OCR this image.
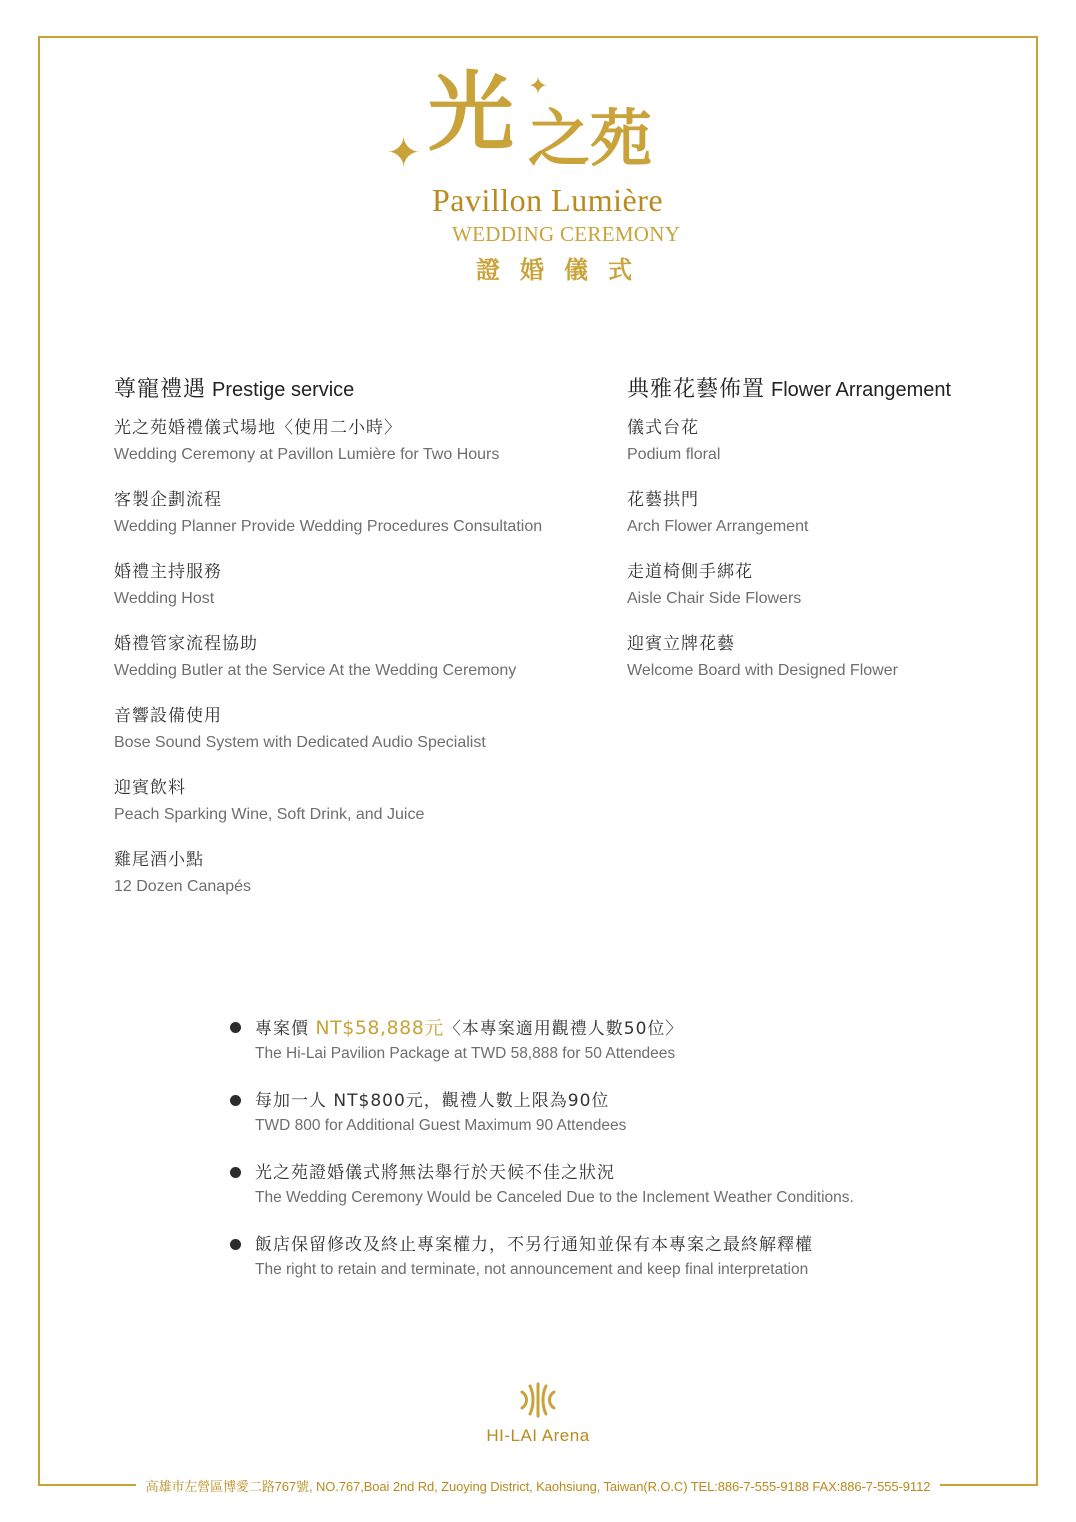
✦
✦
光 之苑
Pavillon Lumière
WEDDING CEREMONY
證婚儀式
尊寵禮遇 Prestige service
光之苑婚禮儀式場地〈使用二小時〉
Wedding Ceremony at Pavillon Lumière for Two Hours
客製企劃流程
Wedding Planner Provide Wedding Procedures Consultation
婚禮主持服務
Wedding Host
婚禮管家流程協助
Wedding Butler at the Service At the Wedding Ceremony
音響設備使用
Bose Sound System with Dedicated Audio Specialist
迎賓飲料
Peach Sparking Wine, Soft Drink, and Juice
雞尾酒小點
12 Dozen Canapés
典雅花藝佈置 Flower Arrangement
儀式台花
Podium floral
花藝拱門
Arch Flower Arrangement
走道椅側手綁花
Aisle Chair Side Flowers
迎賓立牌花藝
Welcome Board with Designed Flower
專案價 NT$58,888元〈本專案適用觀禮人數50位〉
The Hi-Lai Pavilion Package at TWD 58,888 for 50 Attendees
每加一人 NT$800元，觀禮人數上限為90位
TWD 800 for Additional Guest Maximum 90 Attendees
光之苑證婚儀式將無法舉行於天候不佳之狀況
The Wedding Ceremony Would be Canceled Due to the Inclement Weather Conditions.
飯店保留修改及終止專案權力，不另行通知並保有本專案之最終解釋權
The right to retain and terminate, not announcement and keep final interpretation
HI-LAI Arena
高雄市左營區博愛二路767號, NO.767,Boai 2nd Rd, Zuoying District, Kaohsiung, Taiwan(R.O.C) TEL:886-7-555-9188 FAX:886-7-555-9112
